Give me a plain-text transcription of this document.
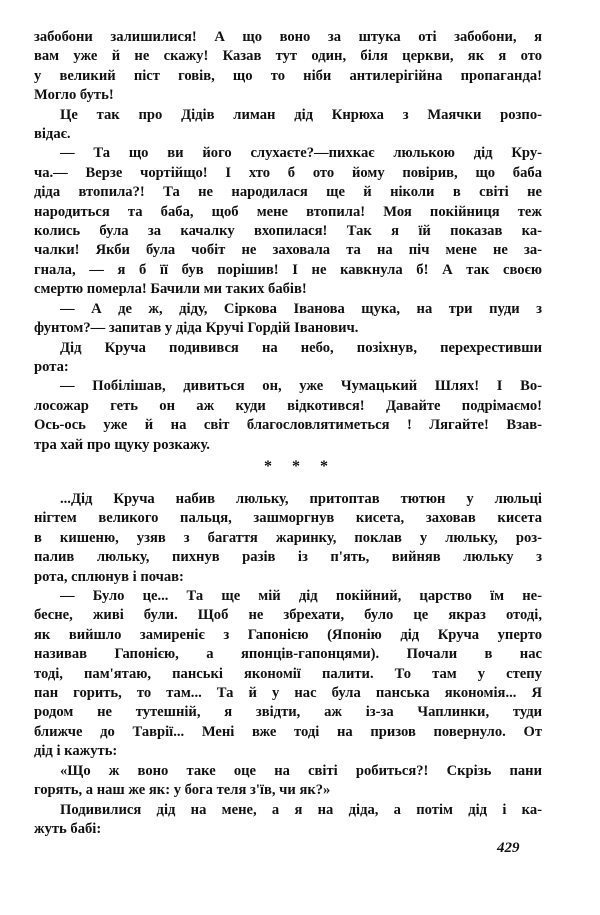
забобони залишилися! А що воно за штука отi забобони, я
вам уже й не скажу! Казав тут один, бiля церкви, як я ото
у великий пiст говiв, що то нiби антилерiгiйна пропаганда!
Могло буть!

Це так про Дiдiв лиман дiд Кнрюха з Маячки розпо-
вiдає.

— Та що ви його слухаєте?—пихкає люлькою дiд Кру-
ча.— Верзе чортiйщо! І хто б ото йому повiрив, що баба
дiда втопила?! Та не народилася ще й нiколи в свiтi не
народиться та баба, щоб мене втопила! Моя покiйниця теж
колись була за качалку вхопилася! Так я їй показав ка-
чалки! Якби була чобiт не заховала та на пiч мене не за-
гнала, — я б її був порiшив! І не кавкнула б! А так своєю
смертю померла! Бачили ми таких бабiв!

— А де ж, дiду, Сiркова Iванова щука, на три пуди з
фунтом?— запитав у дiда Кручi Гордiй Iванович.

Дiд Круча подивився на небо, позiхнув, перехрестивши
рота:

— Побiлiшав, дивиться он, уже Чумацький Шлях! І Во-
лосожар геть он аж куди вiдкотився! Давайте подрiмаємо!
Ось-ось уже й на свiт благословлятиметься ! Лягайте! Взав-
тра хай про щуку розкажу.

* * *

...Дiд Круча набив люльку, притоптав тютюн у люльцi
нiгтем великого пальця, зашморгнув кисета, заховав кисета
в кишеню, узяв з багаття жаринку, поклав у люльку, роз-
палив люльку, пихнув разiв iз п'ять, вийняв люльку з
рота, сплюнув i почав:

— Було це... Та ще мiй дiд покiйний, царство їм не-
бесне, живi були. Щоб не збрехати, було це якраз отодi,
як вийшло замиренiє з Гапонiєю (Японiю дiд Круча уперто
називав Гапонiєю, а японцiв-гапонцями). Почали в нас
тодi, пам'ятаю, панськi якономiї палити. То там у степу
пан горить, то там... Та й у нас була панська якономiя... Я
родом не тутешнiй, я звiдти, аж iз-за Чаплинки, туди
ближче до Таврiї... Менi вже тодi на призов повернуло. От
дiд i кажуть:

«Що ж воно таке оце на свiтi робиться?! Скрiзь пани
горять, а наш же як: у бога теля з'їв, чи як?»

Подивилися дiд на мене, а я на дiда, а потiм дiд i ка-
жуть бабi:

429
